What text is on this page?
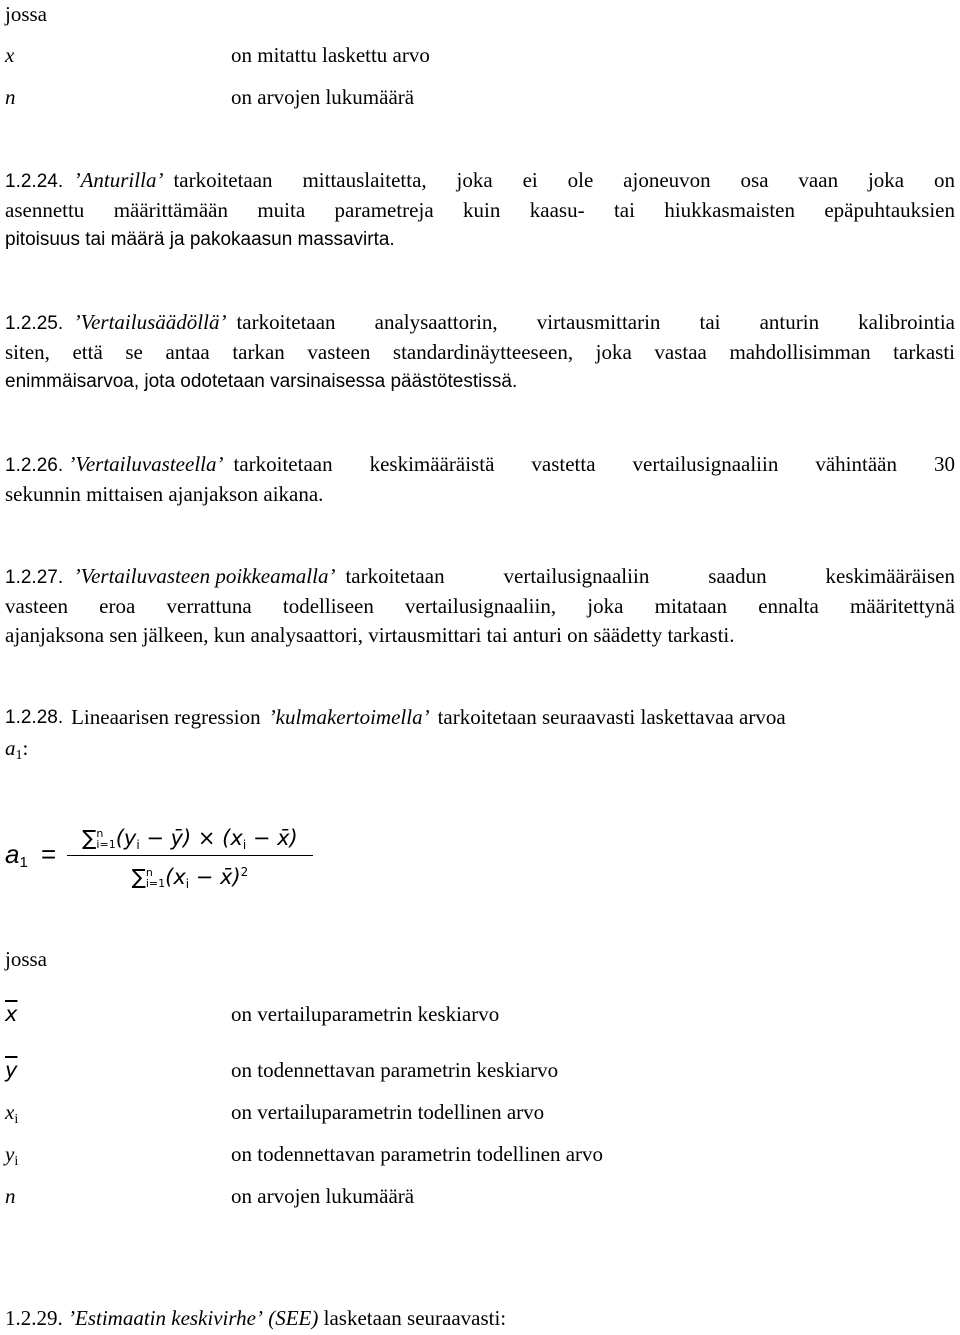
jossa
x	on mitattu laskettu arvo
n	on arvojen lukumäärä
1.2.24. ’Anturilla’ tarkoitetaan mittauslaitetta, joka ei ole ajoneuvon osa vaan joka on
asennettu määrittämään muita parametreja kuin kaasu- tai hiukkasmaisten epäpuhtauksien
pitoisuus tai määrä ja pakokaasun massavirta.
1.2.25. ’Vertailusäädöllä’ tarkoitetaan analysaattorin, virtausmittarin tai anturin kalibrointia
siten, että se antaa tarkan vasteen standardinäytteeseen, joka vastaa mahdollisimman tarkasti
enimmäisarvoa, jota odotetaan varsinaisessa päästötestissä.
1.2.26. ’Vertailuvasteella’ tarkoitetaan keskimääräistä vastetta vertailusignaaliin vähintään 30
sekunnin mittaisen ajanjakson aikana.
1.2.27. ’Vertailuvasteen poikkeamalla’ tarkoitetaan vertailusignaaliin saadun keskimääräisen
vasteen eroa verrattuna todelliseen vertailusignaaliin, joka mitataan ennalta määritettynä
ajanjaksona sen jälkeen, kun analysaattori, virtausmittari tai anturi on säädetty tarkasti.
1.2.28. Lineaarisen regression ’kulmakertoimella’ tarkoitetaan seuraavasti laskettavaa arvoa
$a_1$:
$a_1$ =
∑n
$i=1(y_i$ − ȳ) × ($x_i$ − x̄)
∑n
$i=1(x_i$ − x̄)$^2$
jossa
$\overline{x}$	on vertailuparametrin keskiarvo
$\overline{y}$	on todennettavan parametrin keskiarvo
$x_i$	on vertailuparametrin todellinen arvo
$y_i$	on todennettavan parametrin todellinen arvo
n	on arvojen lukumäärä
1.2.29. ’Estimaatin keskivirhe’ (SEE) lasketaan seuraavasti:
